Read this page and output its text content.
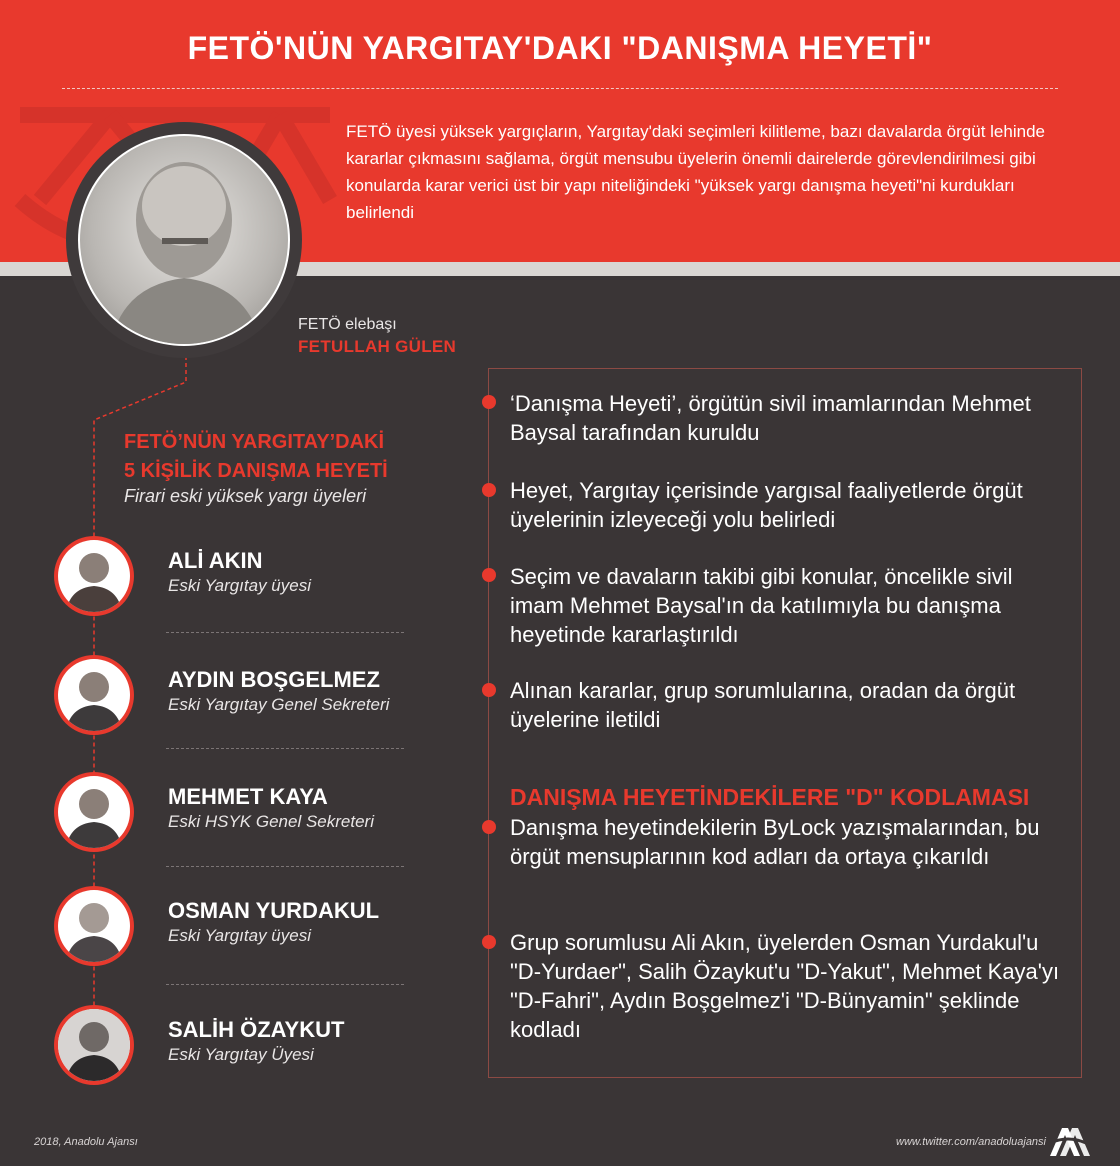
FETÖ'NÜN YARGITAY'DAKI "DANIŞMA HEYETİ"

FETÖ üyesi yüksek yargıçların, Yargıtay'daki seçimleri kilitleme, bazı davalarda örgüt lehinde kararlar çıkmasını sağlama, örgüt mensubu üyelerin önemli dairelerde görevlendirilmesi gibi konularda karar verici üst bir yapı niteliğindeki "yüksek yargı danışma heyeti"ni kurdukları belirlendi

FETÖ elebaşı
FETULLAH GÜLEN
FETÖ’NÜN YARGITAY’DAKİ
5 KİŞİLİK DANIŞMA HEYETİ
Firari eski yüksek yargı üyeleri
ALİ AKIN
Eski Yargıtay üyesi
AYDIN BOŞGELMEZ
Eski Yargıtay Genel Sekreteri
MEHMET KAYA
Eski HSYK Genel Sekreteri
OSMAN YURDAKUL
Eski Yargıtay üyesi
SALİH ÖZAYKUT
Eski Yargıtay Üyesi
‘Danışma Heyeti’, örgütün sivil imamlarından Mehmet Baysal tarafından kuruldu
Heyet, Yargıtay içerisinde yargısal faaliyetlerde örgüt üyelerinin izleyeceği yolu belirledi
Seçim ve davaların takibi gibi konular, öncelikle sivil imam Mehmet Baysal'ın da katılımıyla bu danışma heyetinde kararlaştırıldı
Alınan kararlar, grup sorumlularına, oradan da örgüt üyelerine iletildi
DANIŞMA HEYETİNDEKİLERE "D" KODLAMASI
Danışma heyetindekilerin ByLock yazışmalarından, bu örgüt mensuplarının kod adları da ortaya çıkarıldı
Grup sorumlusu Ali Akın, üyelerden Osman Yurdakul'u "D-Yurdaer", Salih Özaykut'u "D-Yakut", Mehmet Kaya'yı "D-Fahri", Aydın Boşgelmez'i "D-Bünyamin" şeklinde kodladı
2018, Anadolu Ajansı	www.twitter.com/anadoluajansi
